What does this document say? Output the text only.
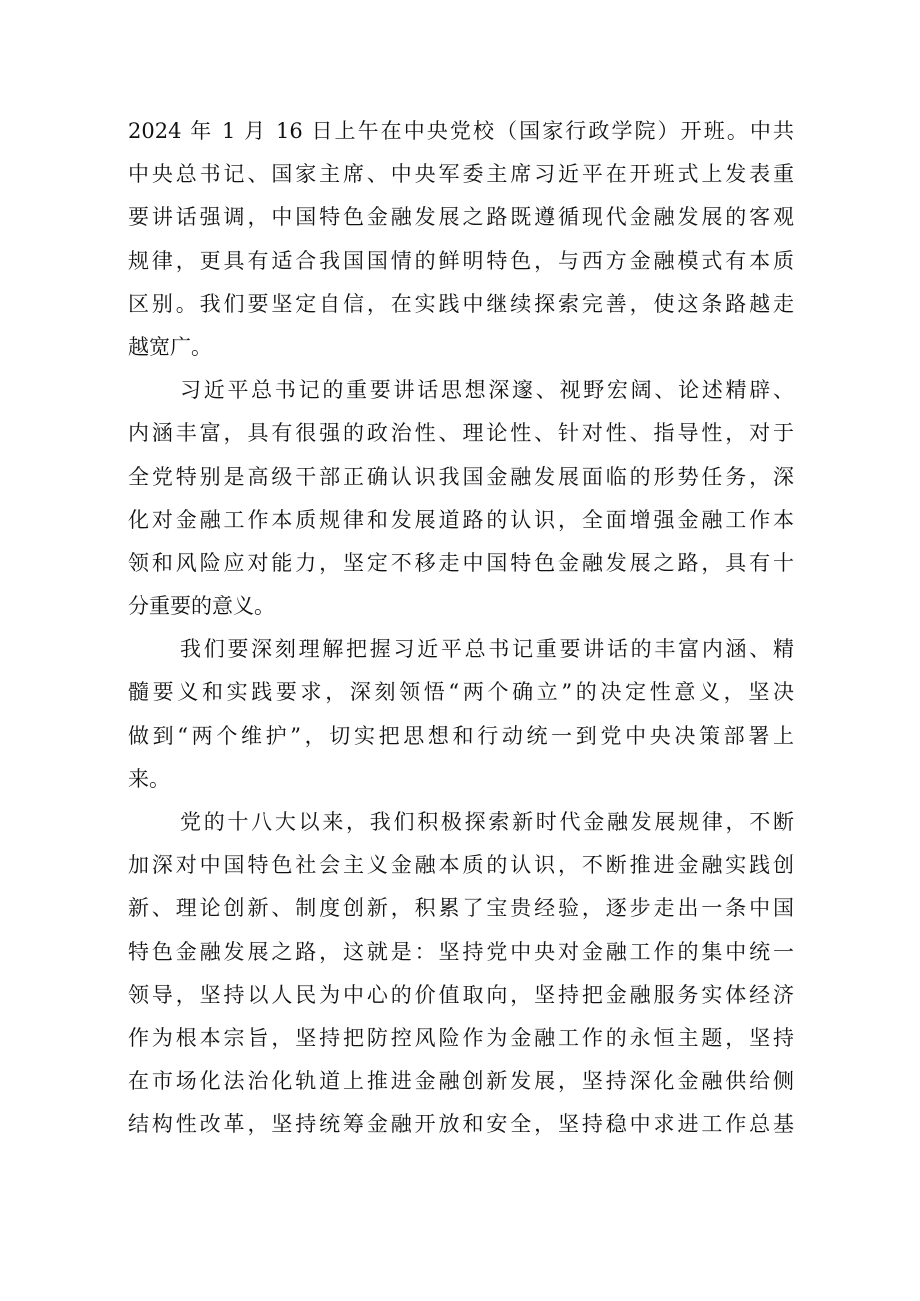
2024 年 1 月 16 日上午在中央党校（国家行政学院）开班。中共
中央总书记、国家主席、中央军委主席习近平在开班式上发表重
要讲话强调，中国特色金融发展之路既遵循现代金融发展的客观
规律，更具有适合我国国情的鲜明特色，与西方金融模式有本质
区别。我们要坚定自信，在实践中继续探索完善，使这条路越走
越宽广。

习近平总书记的重要讲话思想深邃、视野宏阔、论述精辟、
内涵丰富，具有很强的政治性、理论性、针对性、指导性，对于
全党特别是高级干部正确认识我国金融发展面临的形势任务，深
化对金融工作本质规律和发展道路的认识，全面增强金融工作本
领和风险应对能力，坚定不移走中国特色金融发展之路，具有十
分重要的意义。

我们要深刻理解把握习近平总书记重要讲话的丰富内涵、精
髓要义和实践要求，深刻领悟“两个确立”的决定性意义，坚决
做到“两个维护”，切实把思想和行动统一到党中央决策部署上
来。

党的十八大以来，我们积极探索新时代金融发展规律，不断
加深对中国特色社会主义金融本质的认识，不断推进金融实践创
新、理论创新、制度创新，积累了宝贵经验，逐步走出一条中国
特色金融发展之路，这就是：坚持党中央对金融工作的集中统一
领导，坚持以人民为中心的价值取向，坚持把金融服务实体经济
作为根本宗旨，坚持把防控风险作为金融工作的永恒主题，坚持
在市场化法治化轨道上推进金融创新发展，坚持深化金融供给侧
结构性改革，坚持统筹金融开放和安全，坚持稳中求进工作总基
